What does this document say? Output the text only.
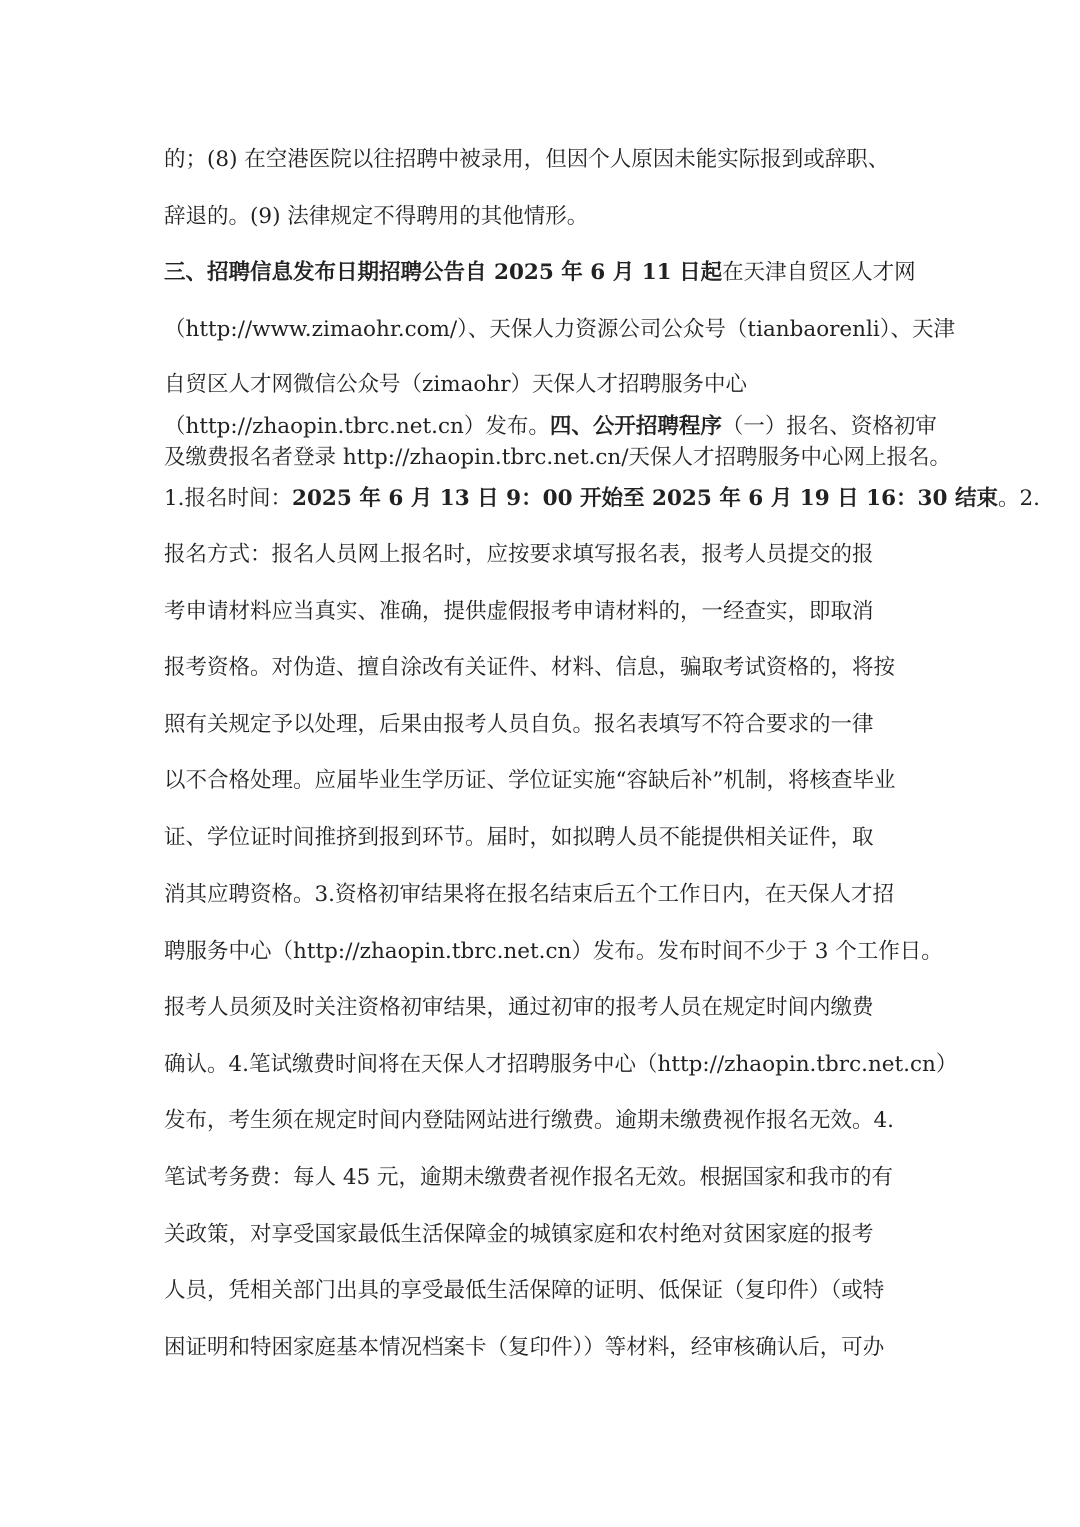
的；(8) 在空港医院以往招聘中被录用，但因个人原因未能实际报到或辞职、
辞退的。(9) 法律规定不得聘用的其他情形。
三、招聘信息发布日期招聘公告自 2025 年 6 月 11 日起在天津自贸区人才网
（http://www.zimaohr.com/）、天保人力资源公司公众号（tianbaorenli）、天津
自贸区人才网微信公众号（zimaohr）天保人才招聘服务中心
（http://zhaopin.tbrc.net.cn）发布。四、公开招聘程序（一）报名、资格初审
及缴费报名者登录 http://zhaopin.tbrc.net.cn/天保人才招聘服务中心网上报名。
1.报名时间：2025 年 6 月 13 日 9：00 开始至 2025 年 6 月 19 日 16：30 结束。2.
报名方式：报名人员网上报名时，应按要求填写报名表，报考人员提交的报
考申请材料应当真实、准确，提供虚假报考申请材料的，一经查实，即取消
报考资格。对伪造、擅自涂改有关证件、材料、信息，骗取考试资格的，将按
照有关规定予以处理，后果由报考人员自负。报名表填写不符合要求的一律
以不合格处理。应届毕业生学历证、学位证实施“容缺后补”机制，将核查毕业
证、学位证时间推挤到报到环节。届时，如拟聘人员不能提供相关证件，取
消其应聘资格。3.资格初审结果将在报名结束后五个工作日内，在天保人才招
聘服务中心（http://zhaopin.tbrc.net.cn）发布。发布时间不少于 3 个工作日。
报考人员须及时关注资格初审结果，通过初审的报考人员在规定时间内缴费
确认。4.笔试缴费时间将在天保人才招聘服务中心（http://zhaopin.tbrc.net.cn）
发布，考生须在规定时间内登陆网站进行缴费。逾期未缴费视作报名无效。4.
笔试考务费：每人 45 元，逾期未缴费者视作报名无效。根据国家和我市的有
关政策，对享受国家最低生活保障金的城镇家庭和农村绝对贫困家庭的报考
人员，凭相关部门出具的享受最低生活保障的证明、低保证（复印件）（或特
困证明和特困家庭基本情况档案卡（复印件））等材料，经审核确认后，可办
